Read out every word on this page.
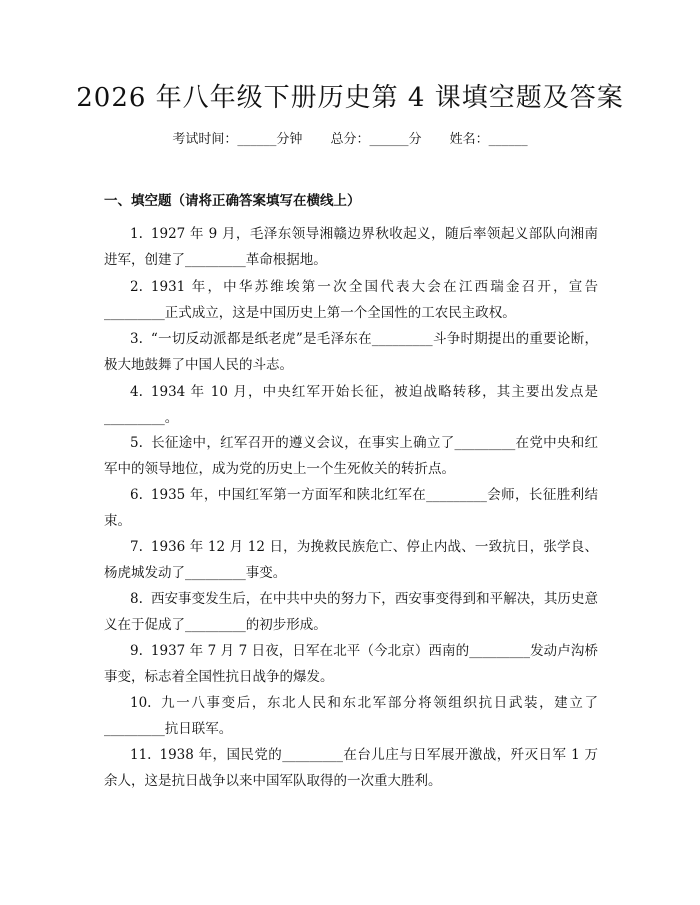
2026 年八年级下册历史第 4 课填空题及答案
考试时间：______分钟 总分：______分 姓名：______
一、填空题（请将正确答案填写在横线上）
1. 1927 年 9 月，毛泽东领导湘赣边界秋收起义，随后率领起义部队向湘南进军，创建了_________革命根据地。
2. 1931 年，中华苏维埃第一次全国代表大会在江西瑞金召开，宣告_________正式成立，这是中国历史上第一个全国性的工农民主政权。
3. “一切反动派都是纸老虎”是毛泽东在_________斗争时期提出的重要论断，极大地鼓舞了中国人民的斗志。
4. 1934 年 10 月，中央红军开始长征，被迫战略转移，其主要出发点是_________。
5. 长征途中，红军召开的遵义会议，在事实上确立了_________在党中央和红军中的领导地位，成为党的历史上一个生死攸关的转折点。
6. 1935 年，中国红军第一方面军和陕北红军在_________会师，长征胜利结束。
7. 1936 年 12 月 12 日，为挽救民族危亡、停止内战、一致抗日，张学良、杨虎城发动了_________事变。
8. 西安事变发生后，在中共中央的努力下，西安事变得到和平解决，其历史意义在于促成了_________的初步形成。
9. 1937 年 7 月 7 日夜，日军在北平（今北京）西南的_________发动卢沟桥事变，标志着全国性抗日战争的爆发。
10. 九一八事变后，东北人民和东北军部分将领组织抗日武装，建立了_________抗日联军。
11. 1938 年，国民党的_________在台儿庄与日军展开激战，歼灭日军 1 万余人，这是抗日战争以来中国军队取得的一次重大胜利。
